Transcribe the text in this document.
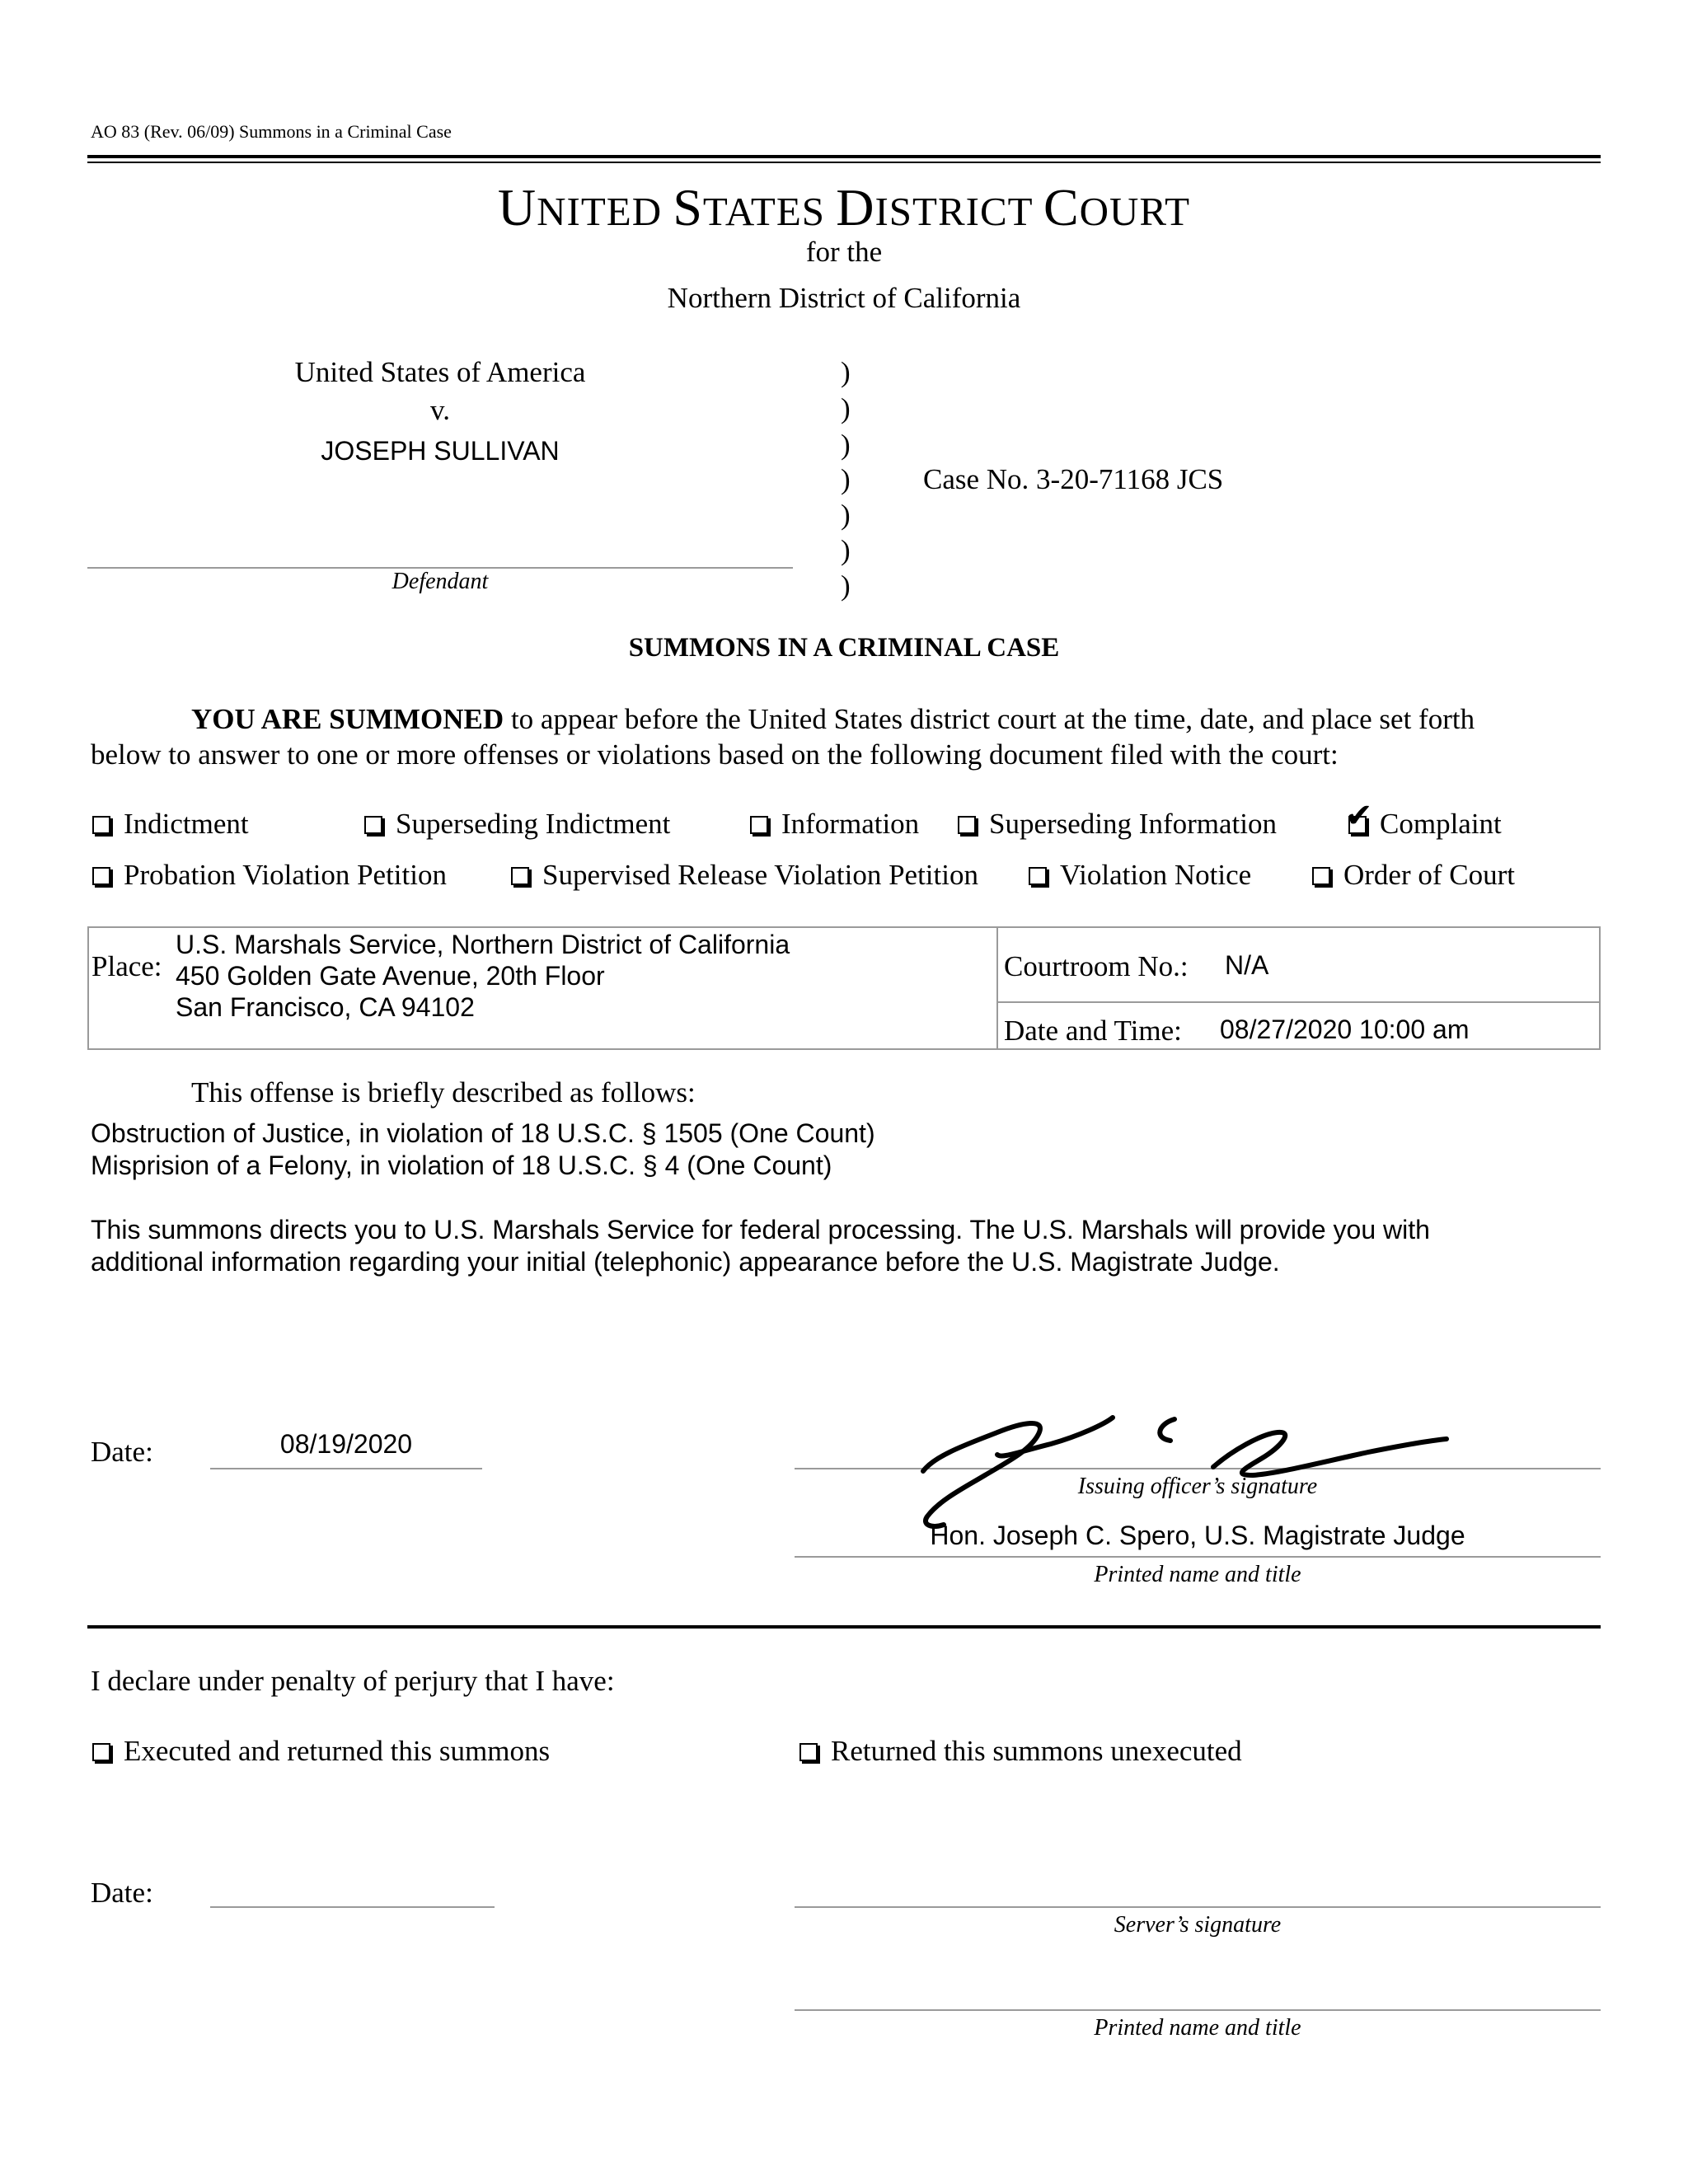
AO 83 (Rev. 06/09) Summons in a Criminal Case
UNITED STATES DISTRICT COURT
for the
Northern District of California
United States of America
v.
JOSEPH SULLIVAN
Defendant
)
)
)
)
)
)
)
Case No. 3-20-71168 JCS
SUMMONS IN A CRIMINAL CASE
YOU ARE SUMMONED to appear before the United States district court at the time, date, and place set forth
below to answer to one or more offenses or violations based on the following document filed with the court:
Indictment	Superseding Indictment	Information Superseding Information ✔ Complaint
Probation Violation Petition	Supervised Release Violation Petition	Violation Notice	Order of Court
Place:
U.S. Marshals Service, Northern District of California
450 Golden Gate Avenue, 20th Floor
San Francisco, CA 94102
Courtroom No.: N/A
Date and Time: 08/27/2020 10:00 am
This offense is briefly described as follows:
Obstruction of Justice, in violation of 18 U.S.C. § 1505 (One Count)
Misprision of a Felony, in violation of 18 U.S.C. § 4 (One Count)
This summons directs you to U.S. Marshals Service for federal processing. The U.S. Marshals will provide you with
additional information regarding your initial (telephonic) appearance before the U.S. Magistrate Judge.
Date:	08/19/2020
Issuing officer’s signature
Hon. Joseph C. Spero, U.S. Magistrate Judge
Printed name and title
I declare under penalty of perjury that I have:
Executed and returned this summons	Returned this summons unexecuted
Date:
Server’s signature
Printed name and title
